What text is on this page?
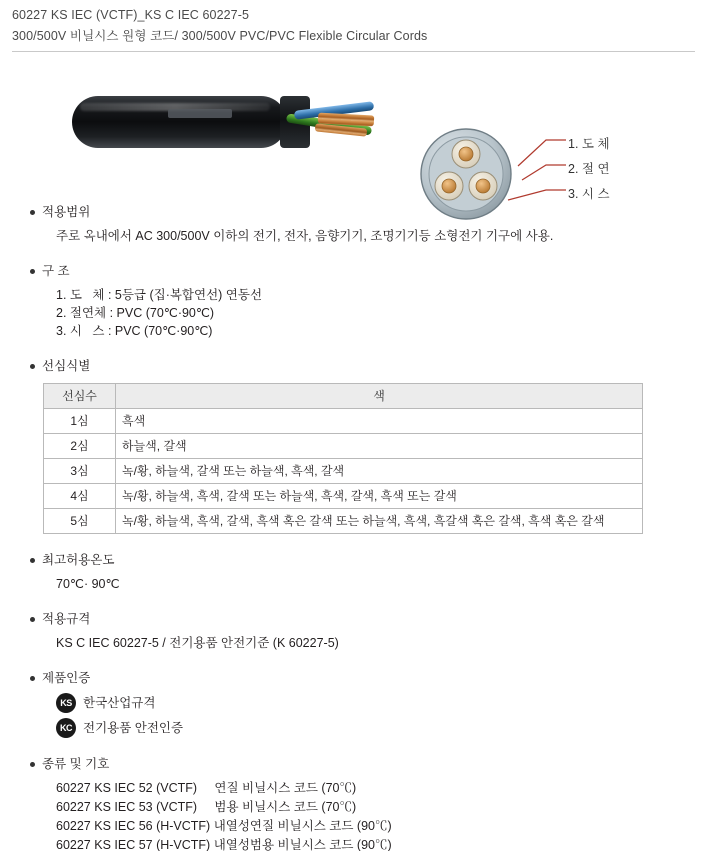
60227 KS IEC (VCTF)_KS C IEC 60227-5
300/500V 비닐시스 원형 코드/ 300/500V PVC/PVC Flexible Circular Cords
1. 도 체
2. 절 연
3. 시 스
적용범위
주로 옥내에서 AC 300/500V 이하의 전기, 전자, 음향기기, 조명기기등 소형전기 기구에 사용.
구 조
1. 도   체 : 5등급 (집·복합연선) 연동선
2. 절연체 : PVC (70℃·90℃)
3. 시   스 : PVC (70℃·90℃)
선심식별
선심수	색
1심	흑색
2심	하늘색, 갈색
3심	녹/황, 하늘색, 갈색 또는 하늘색, 흑색, 갈색
4심	녹/황, 하늘색, 흑색, 갈색 또는 하늘색, 흑색, 갈색, 흑색 또는 갈색
5심	녹/황, 하늘색, 흑색, 갈색, 흑색 혹은 갈색 또는 하늘색, 흑색, 흑갈색 혹은 갈색, 흑색 혹은 갈색
최고허용온도
70℃· 90℃
적용규격
KS C IEC 60227-5 / 전기용품 안전기준 (K 60227-5)
제품인증
KS 한국산업규격
KC 전기용품 안전인증
종류 및 기호
60227 KS IEC 52 (VCTF)     연질 비닐시스 코드 (70℃)
60227 KS IEC 53 (VCTF)     범용 비닐시스 코드 (70℃)
60227 KS IEC 56 (H-VCTF) 내열성연질 비닐시스 코드 (90℃)
60227 KS IEC 57 (H-VCTF) 내열성범용 비닐시스 코드 (90℃)
